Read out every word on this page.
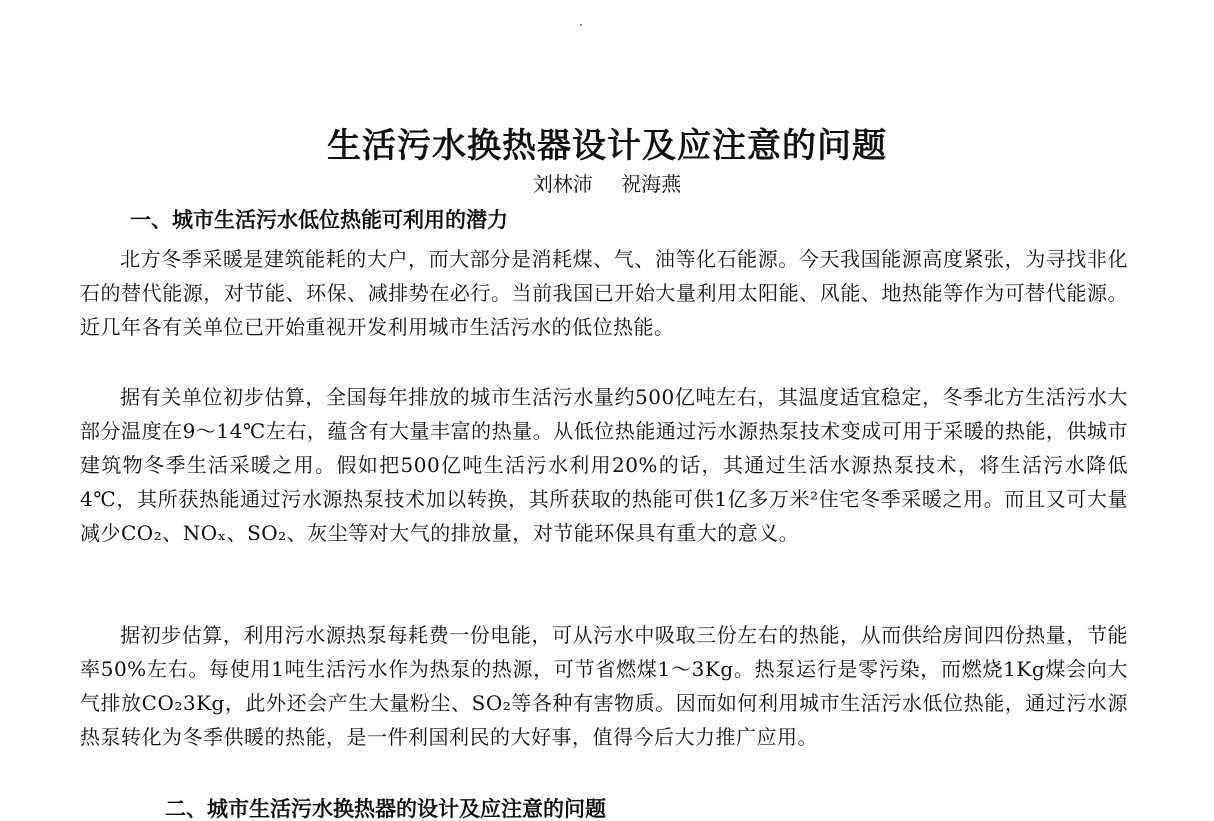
生活污水换热器设计及应注意的问题

刘林沛 祝海燕

一、城市生活污水低位热能可利用的潜力

北方冬季采暖是建筑能耗的大户，而大部分是消耗煤、气、油等化石能源。今天我国能源高度紧张，为寻找非化石的替代能源，对节能、环保、减排势在必行。当前我国已开始大量利用太阳能、风能、地热能等作为可替代能源。近几年各有关单位已开始重视开发利用城市生活污水的低位热能。

据有关单位初步估算，全国每年排放的城市生活污水量约500亿吨左右，其温度适宜稳定，冬季北方生活污水大部分温度在9～14℃左右，蕴含有大量丰富的热量。从低位热能通过污水源热泵技术变成可用于采暖的热能，供城市建筑物冬季生活采暖之用。假如把500亿吨生活污水利用20%的话，其通过生活水源热泵技术，将生活污水降低4℃，其所获热能通过污水源热泵技术加以转换，其所获取的热能可供1亿多万米²住宅冬季采暖之用。而且又可大量减少CO₂、NOₓ、SO₂、灰尘等对大气的排放量，对节能环保具有重大的意义。

据初步估算，利用污水源热泵每耗费一份电能，可从污水中吸取三份左右的热能，从而供给房间四份热量，节能率50%左右。每使用1吨生活污水作为热泵的热源，可节省燃煤1～3Kg。热泵运行是零污染，而燃烧1Kg煤会向大气排放CO₂3Kg，此外还会产生大量粉尘、SO₂等各种有害物质。因而如何利用城市生活污水低位热能，通过污水源热泵转化为冬季供暖的热能，是一件利国利民的大好事，值得今后大力推广应用。

二、城市生活污水换热器的设计及应注意的问题
